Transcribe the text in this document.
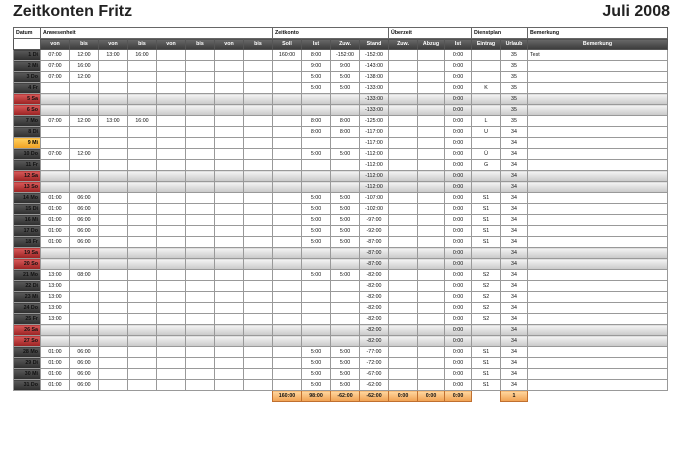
Zeitkonten Fritz	Juli 2008
Datum	Anwesenheit								Zeitkonto				Überzeit			Dienstplan		Bemerkung
	von	bis	von	bis	von	bis	von	bis	Soll	Ist	Zuw.	Stand	Zuw.	Abzug	Ist	Eintrag	Urlaub	Bemerkung
1 Di	07:00	12:00	13:00	16:00					160:00	8:00	-152:00	-152:00			0:00		35	Test
2 Mi	07:00	16:00								9:00	9:00	-143:00			0:00		35	
3 Do	07:00	12:00								5:00	5:00	-138:00			0:00		35	
4 Fr										5:00	5:00	-133:00			0:00	K	35	
5 Sa												-133:00			0:00		35	
6 So												-133:00			0:00		35	
7 Mo	07:00	12:00	13:00	16:00						8:00	8:00	-125:00			0:00	L	35	
8 Di										8:00	8:00	-117:00			0:00	U	34	
9 Mi												-117:00			0:00		34	
10 Do	07:00	12:00								5:00	5:00	-112:00			0:00	Ü	34	
11 Fr												-112:00			0:00	G	34	
12 Sa												-112:00			0:00		34	
13 So												-112:00			0:00		34	
14 Mo	01:00	06:00								5:00	5:00	-107:00			0:00	S1	34	
15 Di	01:00	06:00								5:00	5:00	-102:00			0:00	S1	34	
16 Mi	01:00	06:00								5:00	5:00	-97:00			0:00	S1	34	
17 Do	01:00	06:00								5:00	5:00	-92:00			0:00	S1	34	
18 Fr	01:00	06:00								5:00	5:00	-87:00			0:00	S1	34	
19 Sa												-87:00			0:00		34	
20 So												-87:00			0:00		34	
21 Mo	13:00	08:00								5:00	5:00	-82:00			0:00	S2	34	
22 Di	13:00											-82:00			0:00	S2	34	
23 Mi	13:00											-82:00			0:00	S2	34	
24 Do	13:00											-82:00			0:00	S2	34	
25 Fr	13:00											-82:00			0:00	S2	34	
26 Sa												-82:00			0:00		34	
27 So												-82:00			0:00		34	
28 Mo	01:00	06:00								5:00	5:00	-77:00			0:00	S1	34	
29 Di	01:00	06:00								5:00	5:00	-72:00			0:00	S1	34	
30 Mi	01:00	06:00								5:00	5:00	-67:00			0:00	S1	34	
31 Do	01:00	06:00								5:00	5:00	-62:00			0:00	S1	34	
									160:00	98:00	-62:00	-62:00	0:00	0:00	0:00		1	
